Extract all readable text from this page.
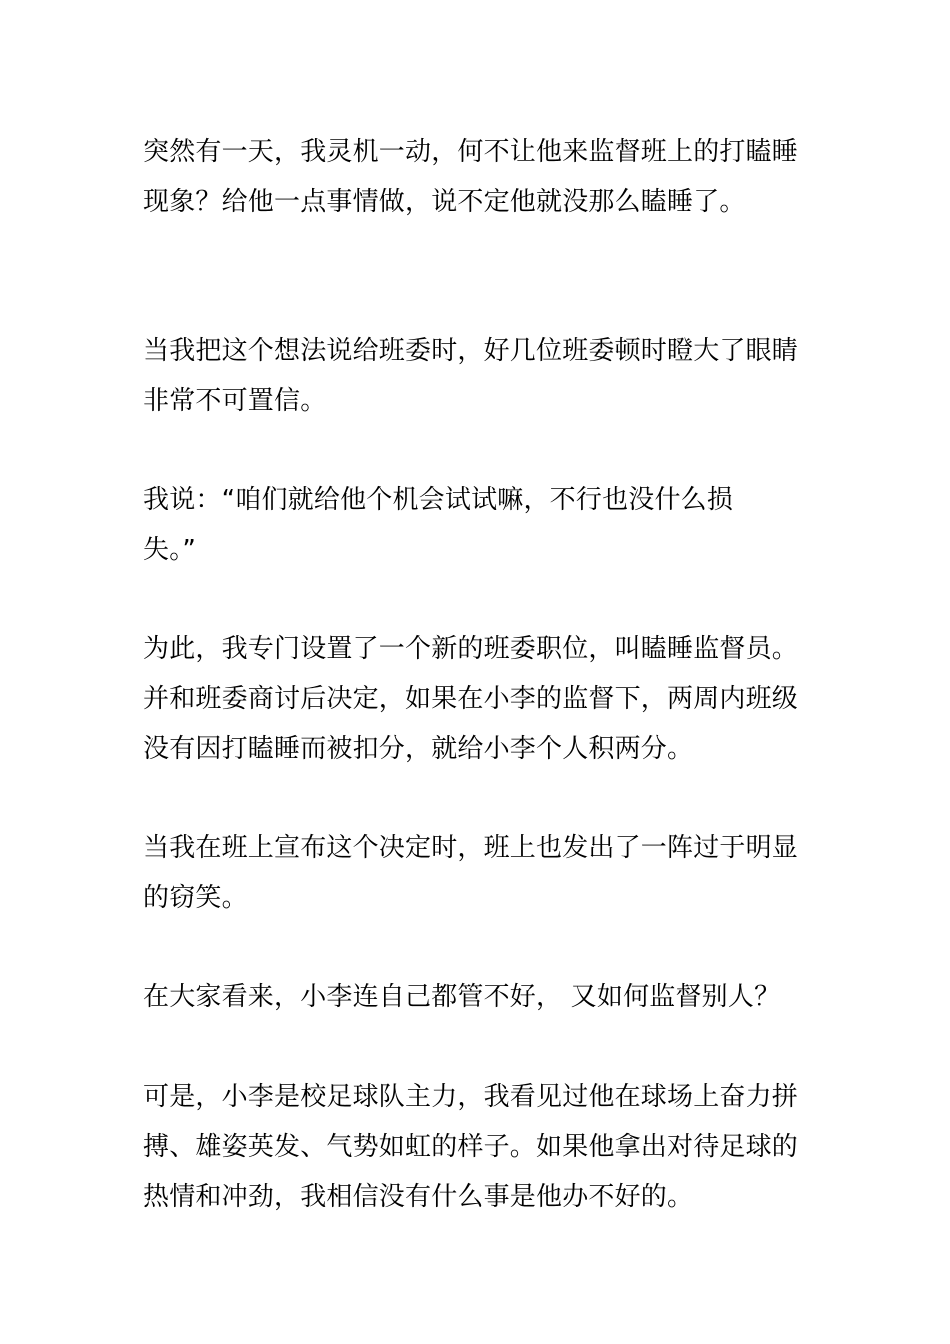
突然有一天，我灵机一动，何不让他来监督班上的打瞌睡

现象？给他一点事情做，说不定他就没那么瞌睡了。

当我把这个想法说给班委时，好几位班委顿时瞪大了眼睛

非常不可置信。

我说：“咱们就给他个机会试试嘛，不行也没什么损

失。”

为此，我专门设置了一个新的班委职位，叫瞌睡监督员。

并和班委商讨后决定，如果在小李的监督下，两周内班级

没有因打瞌睡而被扣分，就给小李个人积两分。

当我在班上宣布这个决定时，班上也发出了一阵过于明显

的窃笑。

在大家看来，小李连自己都管不好， 又如何监督别人？

可是，小李是校足球队主力，我看见过他在球场上奋力拼

搏、雄姿英发、气势如虹的样子。如果他拿出对待足球的

热情和冲劲，我相信没有什么事是他办不好的。
